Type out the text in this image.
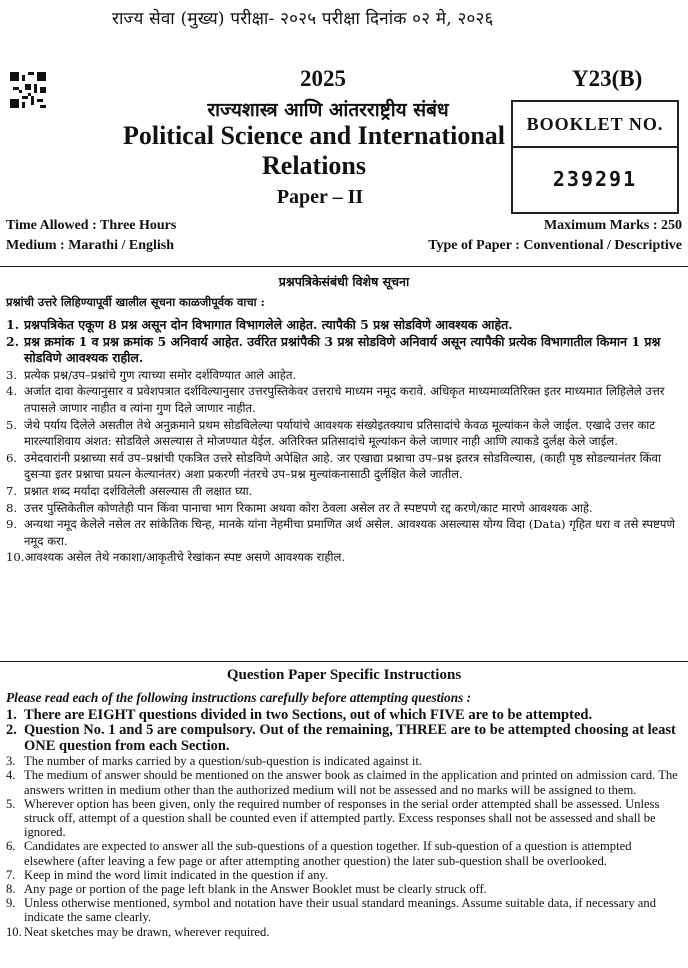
राज्य सेवा (मुख्य) परीक्षा- २०२५ परीक्षा दिनांक ०२ मे, २०२६
2025	Y23(B)
राज्यशास्त्र आणि आंतरराष्ट्रीय संबंध
Political Science and International Relations
Paper – II
BOOKLET NO.
239291
Time Allowed : Three Hours	Maximum Marks : 250
Medium : Marathi / English	Type of Paper : Conventional / Descriptive
प्रश्नपत्रिकेसंबंधी विशेष सूचना
प्रश्नांची उत्तरे लिहिण्यापूर्वी खालील सूचना काळजीपूर्वक वाचा :
1. प्रश्नपत्रिकेत एकूण 8 प्रश्न असून दोन विभागात विभागलेले आहेत. त्यापैकी 5 प्रश्न सोडविणे आवश्यक आहेत.
2. प्रश्न क्रमांक 1 व प्रश्न क्रमांक 5 अनिवार्य आहेत. उर्वरित प्रश्नांपैकी 3 प्रश्न सोडविणे अनिवार्य असून त्यापैकी प्रत्येक विभागातील किमान 1 प्रश्न सोडविणे आवश्यक राहील.
3. प्रत्येक प्रश्न/उप–प्रश्नांचे गुण त्याच्या समोर दर्शविण्यात आले आहेत.
4. अर्जात दावा केल्यानुसार व प्रवेशपत्रात दर्शविल्यानुसार उत्तरपुस्तिकेवर उत्तराचे माध्यम नमूद करावे. अधिकृत माध्यमाव्यतिरिक्त इतर माध्यमात लिहिलेले उत्तर तपासले जाणार नाहीत व त्यांना गुण दिले जाणार नाहीत.
5. जेथे पर्याय दिलेले असतील तेथे अनुक्रमाने प्रथम सोडविलेल्या पर्यायांचे आवश्यक संख्येइतक्याच प्रतिसादांचे केवळ मूल्यांकन केले जाईल. एखादे उत्तर काट मारल्याशिवाय अंशत: सोडविले असल्यास ते मोजण्यात येईल. अतिरिक्त प्रतिसादांचे मूल्यांकन केले जाणार नाही आणि त्याकडे दुर्लक्ष केले जाईल.
6. उमेदवारांनी प्रश्नाच्या सर्व उप–प्रश्नांची एकत्रित उत्तरे सोडविणे अपेक्षित आहे. जर एखाद्या प्रश्नाचा उप–प्रश्न इतरत्र सोडविल्यास, (काही पृष्ठ सोडल्यानंतर किंवा दुसऱ्या इतर प्रश्नाचा प्रयत्न केल्यानंतर) अशा प्रकरणी नंतरचे उप–प्रश्न मुल्यांकनासाठी दुर्लक्षित केले जातील.
7. प्रश्नात शब्द मर्यादा दर्शविलेली असल्यास ती लक्षात घ्या.
8. उत्तर पुस्तिकेतील कोणतेही पान किंवा पानाचा भाग रिकामा अथवा कोरा ठेवला असेल तर ते स्पष्टपणे रद्द करणे/काट मारणे आवश्यक आहे.
9. अन्यथा नमूद केलेले नसेल तर सांकेतिक चिन्ह, मानके यांना नेहमीचा प्रमाणित अर्थ असेल. आवश्यक असल्यास योग्य विदा (Data) गृहित धरा व तसे स्पष्टपणे नमूद करा.
10. आवश्यक असेल तेथे नकाशा/आकृतीचे रेखांकन स्पष्ट असणे आवश्यक राहील.
Question Paper Specific Instructions
Please read each of the following instructions carefully before attempting questions :
1. There are EIGHT questions divided in two Sections, out of which FIVE are to be attempted.
2. Question No. 1 and 5 are compulsory. Out of the remaining, THREE are to be attempted choosing at least ONE question from each Section.
3. The number of marks carried by a question/sub-question is indicated against it.
4. The medium of answer should be mentioned on the answer book as claimed in the application and printed on admission card. The answers written in medium other than the authorized medium will not be assessed and no marks will be assigned to them.
5. Wherever option has been given, only the required number of responses in the serial order attempted shall be assessed. Unless struck off, attempt of a question shall be counted even if attempted partly. Excess responses shall not be assessed and shall be ignored.
6. Candidates are expected to answer all the sub-questions of a question together. If sub-question of a question is attempted elsewhere (after leaving a few page or after attempting another question) the later sub-question shall be overlooked.
7. Keep in mind the word limit indicated in the question if any.
8. Any page or portion of the page left blank in the Answer Booklet must be clearly struck off.
9. Unless otherwise mentioned, symbol and notation have their usual standard meanings. Assume suitable data, if necessary and indicate the same clearly.
10. Neat sketches may be drawn, wherever required.
